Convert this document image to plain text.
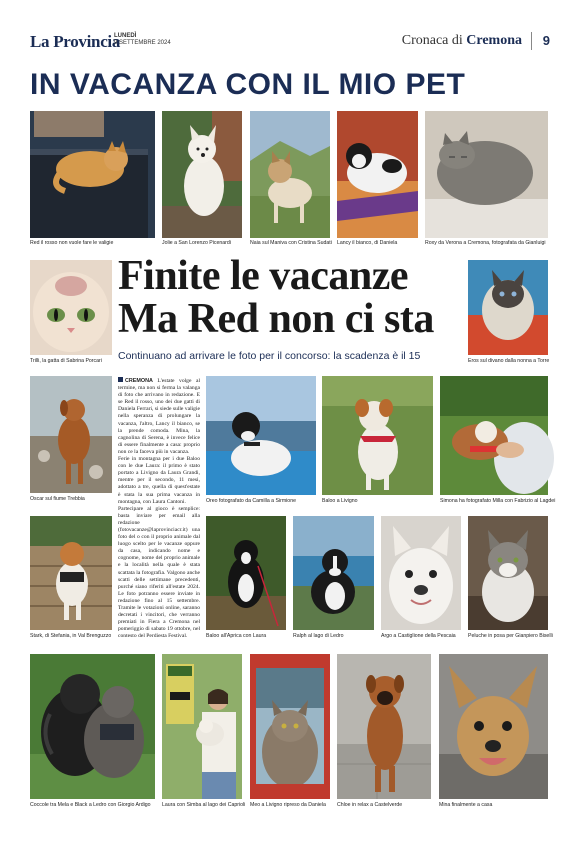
La Provincia
LUNEDÌ
9 SETTEMBRE 2024	Cronaca di Cremona 9
IN VACANZA CON IL MIO PET
Red il rosso non vuole fare le valigie	Jolie a San Lorenzo Picenardi	Naia sul Maniva con Cristina Sudati Lancy il bianco, di Daniela	Roxy da Verona a Cremona, fotografata da Gianluigi
Trilli, la gatta di Sabrina Porcari
Finite le vacanze
Ma Red non ci sta
Continuano ad arrivare le foto per il concorso: la scadenza è il 15	Eros sul divano dalla nonna a Torre
Oscar sul fiume Trebbia

CREMONA L'estate volge al termine, ma non si ferma la valanga di foto che arrivano in redazione. E se Red il rosso, uno dei due gatti di Daniela Ferrari, si siede sulle valigie nella speranza di prolungare la vacanza, l'altro, Lancy il bianco, se la prende comoda. Mina, la cagnolina di Serena, è invece felice di essere finalmente a casa: proprio non ce la faceva più in vacanza.

Ferie in montagna per i due Baloo con le due Laura: il primo è stato portato a Livigno da Laura Grandi, mentre per il secondo, 11 mesi, adottato a tre, quella di quest'estate è stata la sua prima vacanza in montagna, con Laura Cantoni.

Partecipare al gioco è semplice: basta inviare per email alla redazione (fotovacanze@laprovinciacr.it) una foto del o con il proprio animale dal luogo scelto per le vacanze oppure da casa, indicando nome e cognome, nome del proprio animale e la località nella quale è stata scattata la fotografia. Valgono anche scatti delle settimane precedenti, purché siano riferiti all'estate 2024. Le foto potranno essere inviate in redazione fino al 15 settembre. Tramite le votazioni online, saranno decretati i vincitori, che verranno premiati in Fiera a Cremona nel pomeriggio di sabato 19 ottobre, nel contesto del Perdiesta Festival.

Oreo fotografato da Camilla a Sirmione	Baloo a Livigno	Simona ha fotografato Milla con Fabrizio al Lagdei
Stark, di Stefania, in Val Brenguzzo	Baloo all'Aprica con Laura	Ralph al lago di Ledro	Argo a Castiglione della Pescaia	Peluche in posa per Gianpiero Biselli
Coccole tra Mela e Black a Ledro con Giorgio Ardigo	Laura con Simba al lago dei Caprioli Meo a Livigno ripreso da Daniela	Chloe in relax a Castelverde	Mina finalmente a casa
